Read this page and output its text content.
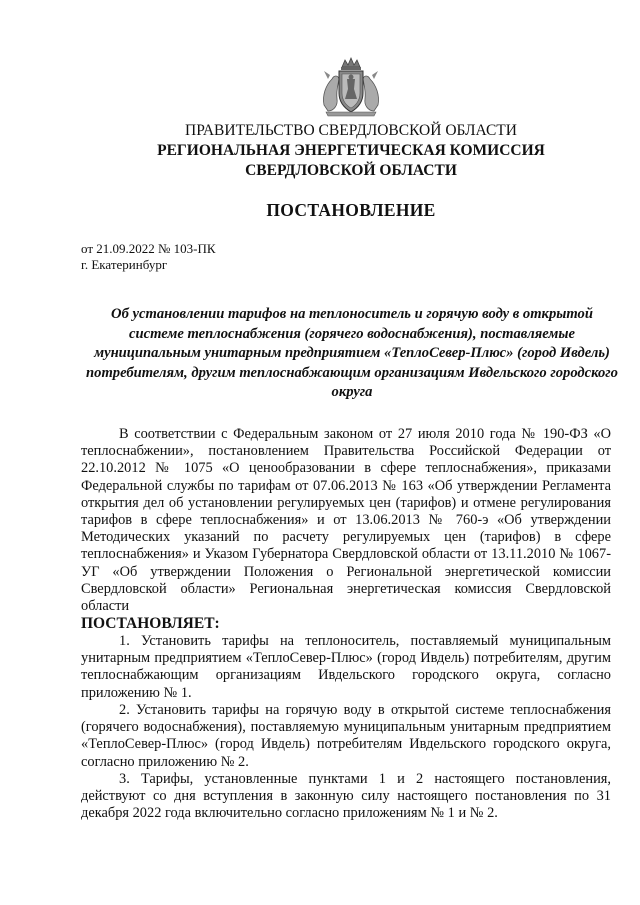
ПРАВИТЕЛЬСТВО СВЕРДЛОВСКОЙ ОБЛАСТИ
РЕГИОНАЛЬНАЯ ЭНЕРГЕТИЧЕСКАЯ КОМИССИЯ
СВЕРДЛОВСКОЙ ОБЛАСТИ
ПОСТАНОВЛЕНИЕ
от 21.09.2022 № 103-ПК
г. Екатеринбург
Об установлении тарифов на теплоноситель и горячую воду в открытой системе теплоснабжения (горячего водоснабжения), поставляемые муниципальным унитарным предприятием «ТеплоСевер-Плюс» (город Ивдель) потребителям, другим теплоснабжающим организациям Ивдельского городского округа
В соответствии с Федеральным законом от 27 июля 2010 года № 190-ФЗ «О теплоснабжении», постановлением Правительства Российской Федерации от 22.10.2012 № 1075 «О ценообразовании в сфере теплоснабжения», приказами Федеральной службы по тарифам от 07.06.2013 № 163 «Об утверждении Регламента открытия дел об установлении регулируемых цен (тарифов) и отмене регулирования тарифов в сфере теплоснабжения» и от 13.06.2013 № 760-э «Об утверждении Методических указаний по расчету регулируемых цен (тарифов) в сфере теплоснабжения» и Указом Губернатора Свердловской области от 13.11.2010 № 1067-УГ «Об утверждении Положения о Региональной энергетической комиссии Свердловской области» Региональная энергетическая комиссия Свердловской области
ПОСТАНОВЛЯЕТ:
1. Установить тарифы на теплоноситель, поставляемый муниципальным унитарным предприятием «ТеплоСевер-Плюс» (город Ивдель) потребителям, другим теплоснабжающим организациям Ивдельского городского округа, согласно приложению № 1.
2. Установить тарифы на горячую воду в открытой системе теплоснабжения (горячего водоснабжения), поставляемую муниципальным унитарным предприятием «ТеплоСевер-Плюс» (город Ивдель) потребителям Ивдельского городского округа, согласно приложению № 2.
3. Тарифы, установленные пунктами 1 и 2 настоящего постановления, действуют со дня вступления в законную силу настоящего постановления по 31 декабря 2022 года включительно согласно приложениям № 1 и № 2.
